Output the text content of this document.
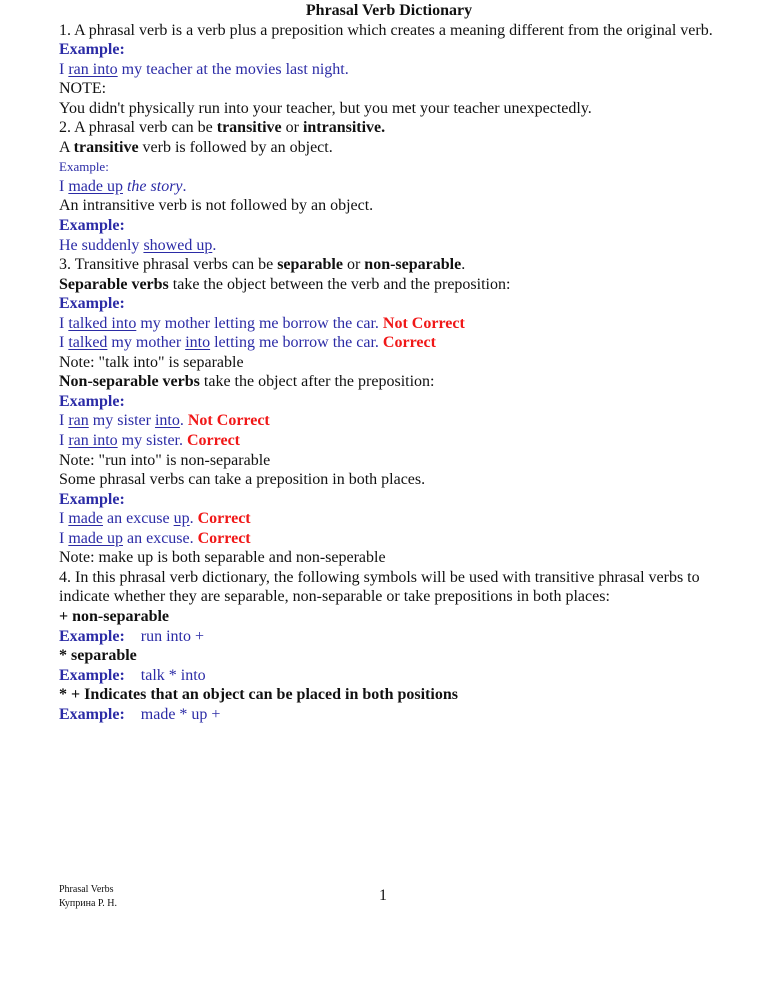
Phrasal Verb Dictionary
1. A phrasal verb is a verb plus a preposition which creates a meaning different from the original verb.
Example:
I ran into my teacher at the movies last night.
NOTE:
You didn't physically run into your teacher, but you met your teacher unexpectedly.
2. A phrasal verb can be transitive or intransitive.
A transitive verb is followed by an object.
Example:
I made up the story.
An intransitive verb is not followed by an object.
Example:
He suddenly showed up.
3. Transitive phrasal verbs can be separable or non-separable.
Separable verbs take the object between the verb and the preposition:
Example:
I talked into my mother letting me borrow the car. Not Correct
I talked my mother into letting me borrow the car. Correct
Note: "talk into" is separable
Non-separable verbs take the object after the preposition:
Example:
I ran my sister into. Not Correct
I ran into my sister. Correct
Note: "run into" is non-separable
Some phrasal verbs can take a preposition in both places.
Example:
I made an excuse up. Correct
I made up an excuse. Correct
Note: make up is both separable and non-seperable
4. In this phrasal verb dictionary, the following symbols will be used with transitive phrasal verbs to
indicate whether they are separable, non-separable or take prepositions in both places:
+ non-separable
Example: run into +
* separable
Example: talk * into
* + Indicates that an object can be placed in both positions
Example: made * up +
Phrasal Verbs
Куприна Р. Н.	1
